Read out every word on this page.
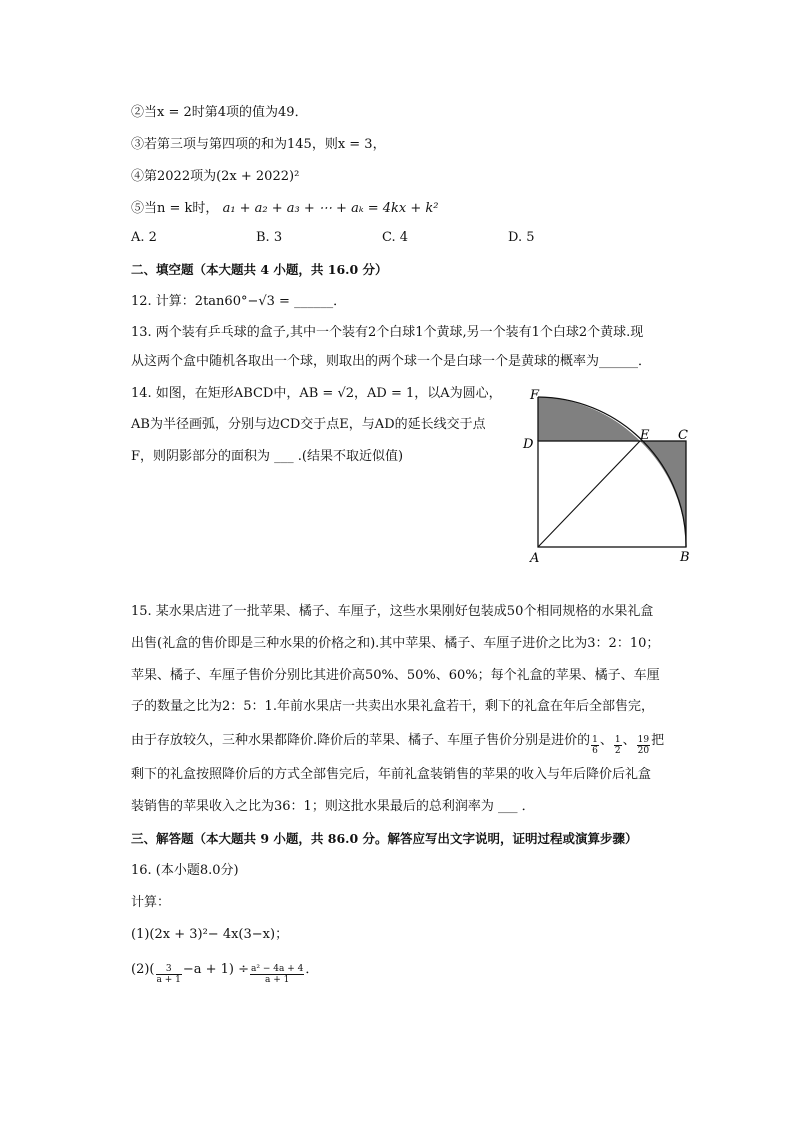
②当x = 2时第4项的值为49．
③若第三项与第四项的和为145，则x = 3，
④第2022项为(2x + 2022)²
⑤当n = k时， a₁ + a₂ + a₃ + ⋯ + aₖ = 4kx + k²
A. 2	B. 3	C. 4	D. 5
二、填空题（本大题共 4 小题，共 16.0 分）
12. 计算：2tan60°−√3 = ______．
13. 两个装有乒乓球的盒子,其中一个装有2个白球1个黄球,另一个装有1个白球2个黄球.现
从这两个盒中随机各取出一个球，则取出的两个球一个是白球一个是黄球的概率为______．
14. 如图，在矩形ABCD中，AB = √2，AD = 1，以A为圆心，
AB为半径画弧，分别与边CD交于点E，与AD的延长线交于点
F，则阴影部分的面积为 ___ .(结果不取近似值)
F
D
E C
A	B
15. 某水果店进了一批苹果、橘子、车厘子，这些水果刚好包装成50个相同规格的水果礼盒
出售(礼盒的售价即是三种水果的价格之和).其中苹果、橘子、车厘子进价之比为3：2：10；
苹果、橘子、车厘子售价分别比其进价高50%、50%、60%；每个礼盒的苹果、橘子、车厘
子的数量之比为2：5：1.年前水果店一共卖出水果礼盒若干，剩下的礼盒在年后全部售完，
由于存放较久，三种水果都降价.降价后的苹果、橘子、车厘子售价分别是进价的 $\frac{1}{6}$ 、 $\frac{1}{2}$ 、 $\frac{19}{20}$ 把
剩下的礼盒按照降价后的方式全部售完后，年前礼盒装销售的苹果的收入与年后降价后礼盒
装销售的苹果收入之比为36：1；则这批水果最后的总利润率为 ___ ．
三、解答题（本大题共 9 小题，共 86.0 分。解答应写出文字说明，证明过程或演算步骤）
16. (本小题8.0分)
计算：
(1)(2x + 3)²− 4x(3−x)；
$(2)( \frac{3}{a + 1} -a + 1) \div \frac{\text{a² − 4a + 4}}{a + 1}$ ．
